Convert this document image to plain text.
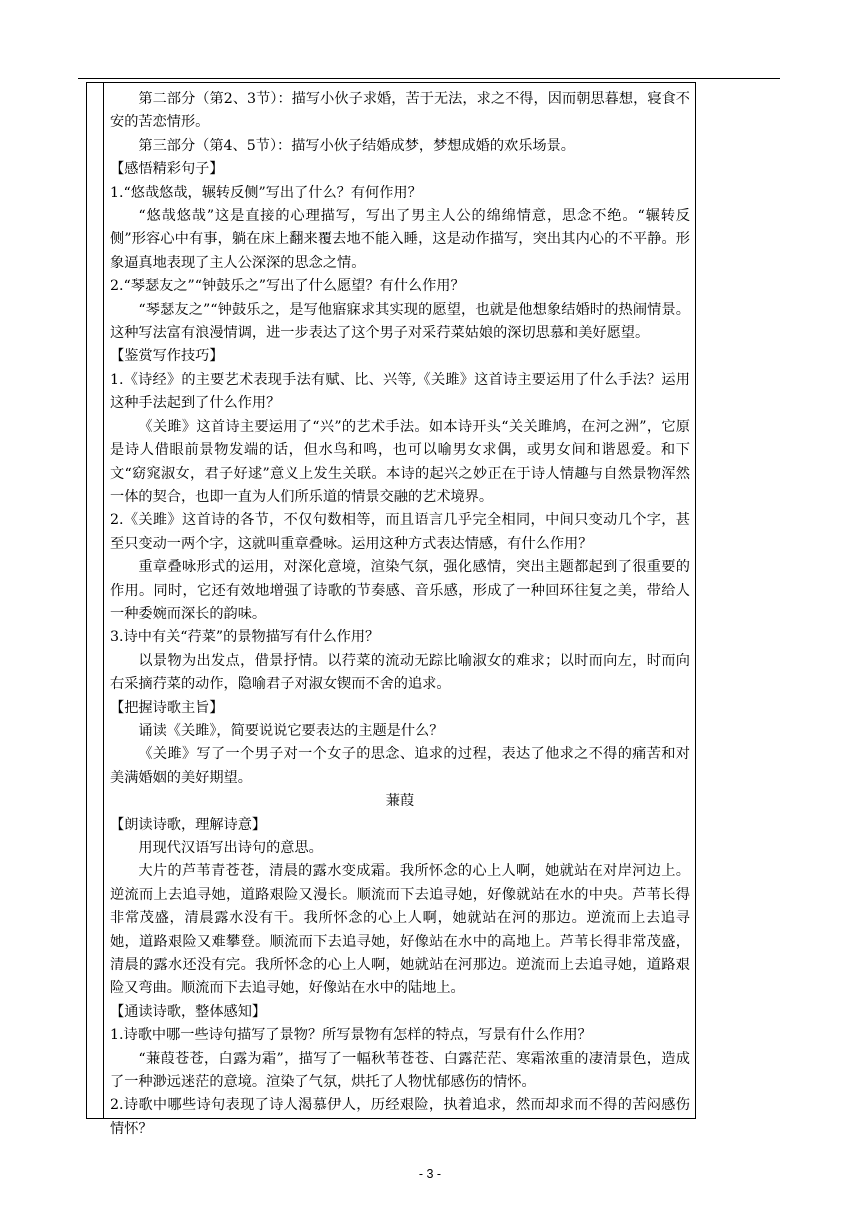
第二部分（第2、3节）：描写小伙子求婚，苦于无法，求之不得，因而朝思暮想，寝食不安的苦恋情形。

第三部分（第4、5节）：描写小伙子结婚成梦，梦想成婚的欢乐场景。

【感悟精彩句子】

1.“悠哉悠哉，辗转反侧”写出了什么？有何作用？

“悠哉悠哉”这是直接的心理描写，写出了男主人公的绵绵情意，思念不绝。“辗转反侧”形容心中有事，躺在床上翻来覆去地不能入睡，这是动作描写，突出其内心的不平静。形象逼真地表现了主人公深深的思念之情。

2.“琴瑟友之”“钟鼓乐之”写出了什么愿望？有什么作用？

“琴瑟友之”“钟鼓乐之，是写他寤寐求其实现的愿望，也就是他想象结婚时的热闹情景。这种写法富有浪漫情调，进一步表达了这个男子对采荇菜姑娘的深切思慕和美好愿望。

【鉴赏写作技巧】

1.《诗经》的主要艺术表现手法有赋、比、兴等,《关雎》这首诗主要运用了什么手法？运用这种手法起到了什么作用？

《关雎》这首诗主要运用了“兴”的艺术手法。如本诗开头“关关雎鸠，在河之洲”，它原是诗人借眼前景物发端的话，但水鸟和鸣，也可以喻男女求偶，或男女间和谐恩爱。和下文“窈窕淑女，君子好逑”意义上发生关联。本诗的起兴之妙正在于诗人情趣与自然景物浑然一体的契合，也即一直为人们所乐道的情景交融的艺术境界。

2.《关雎》这首诗的各节，不仅句数相等，而且语言几乎完全相同，中间只变动几个字，甚至只变动一两个字，这就叫重章叠咏。运用这种方式表达情感，有什么作用？

重章叠咏形式的运用，对深化意境，渲染气氛，强化感情，突出主题都起到了很重要的作用。同时，它还有效地增强了诗歌的节奏感、音乐感，形成了一种回环往复之美，带给人一种委婉而深长的韵味。

3.诗中有关“荇菜”的景物描写有什么作用？

以景物为出发点，借景抒情。以荇菜的流动无踪比喻淑女的难求；以时而向左，时而向右采摘荇菜的动作，隐喻君子对淑女锲而不舍的追求。

【把握诗歌主旨】

诵读《关雎》，简要说说它要表达的主题是什么？

《关雎》写了一个男子对一个女子的思念、追求的过程，表达了他求之不得的痛苦和对美满婚姻的美好期望。

蒹葭

【朗读诗歌，理解诗意】

用现代汉语写出诗句的意思。

大片的芦苇青苍苍，清晨的露水变成霜。我所怀念的心上人啊，她就站在对岸河边上。逆流而上去追寻她，道路艰险又漫长。顺流而下去追寻她，好像就站在水的中央。芦苇长得非常茂盛，清晨露水没有干。我所怀念的心上人啊，她就站在河的那边。逆流而上去追寻她，道路艰险又难攀登。顺流而下去追寻她，好像站在水中的高地上。芦苇长得非常茂盛，清晨的露水还没有完。我所怀念的心上人啊，她就站在河那边。逆流而上去追寻她，道路艰险又弯曲。顺流而下去追寻她，好像站在水中的陆地上。

【通读诗歌，整体感知】

1.诗歌中哪一些诗句描写了景物？所写景物有怎样的特点，写景有什么作用？

“蒹葭苍苍，白露为霜”，描写了一幅秋苇苍苍、白露茫茫、寒霜浓重的凄清景色，造成了一种渺远迷茫的意境。渲染了气氛，烘托了人物忧郁感伤的情怀。

2.诗歌中哪些诗句表现了诗人渴慕伊人，历经艰险，执着追求，然而却求而不得的苦闷感伤情怀？

- 3 -
